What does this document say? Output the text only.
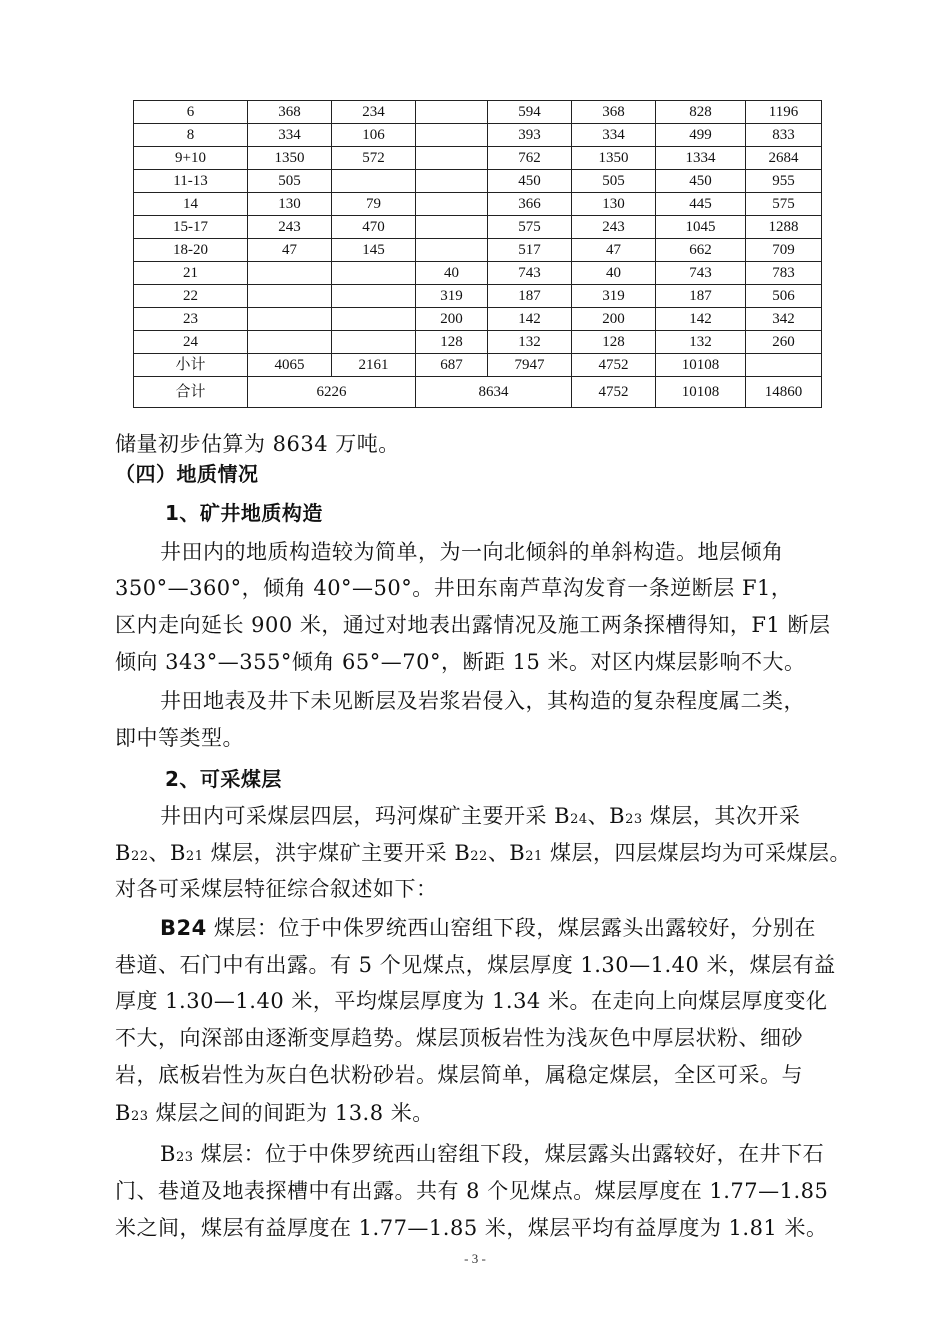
6	368	234		594	368	828	1196
8	334	106		393	334	499	833
9+10	1350	572		762	1350	1334	2684
11-13	505			450	505	450	955
14	130	79		366	130	445	575
15-17	243	470		575	243	1045	1288
18-20	47	145		517	47	662	709
21			40	743	40	743	783
22			319	187	319	187	506
23			200	142	200	142	342
24			128	132	128	132	260
小计	4065	2161	687	7947	4752	10108	
合计	6226		8634		4752	10108	14860
储量初步估算为 8634 万吨。
（四）地质情况
1、矿井地质构造
井田内的地质构造较为简单，为一向北倾斜的单斜构造。地层倾角
350°—360°，倾角 40°—50°。井田东南芦草沟发育一条逆断层 F1，
区内走向延长 900 米，通过对地表出露情况及施工两条探槽得知，F1 断层
倾向 343°—355°倾角 65°—70°，断距 15 米。对区内煤层影响不大。
井田地表及井下未见断层及岩浆岩侵入，其构造的复杂程度属二类，
即中等类型。
2、可采煤层
井田内可采煤层四层，玛河煤矿主要开采 B24、B23 煤层，其次开采
B22、B21 煤层，洪宇煤矿主要开采 B22、B21 煤层，四层煤层均为可采煤层。
对各可采煤层特征综合叙述如下：
B24 煤层：位于中侏罗统西山窑组下段，煤层露头出露较好，分别在
巷道、石门中有出露。有 5 个见煤点，煤层厚度 1.30—1.40 米，煤层有益
厚度 1.30—1.40 米，平均煤层厚度为 1.34 米。在走向上向煤层厚度变化
不大，向深部由逐渐变厚趋势。煤层顶板岩性为浅灰色中厚层状粉、细砂
岩，底板岩性为灰白色状粉砂岩。煤层简单，属稳定煤层，全区可采。与
B23 煤层之间的间距为 13.8 米。
B23 煤层：位于中侏罗统西山窑组下段，煤层露头出露较好，在井下石
门、巷道及地表探槽中有出露。共有 8 个见煤点。煤层厚度在 1.77—1.85
米之间，煤层有益厚度在 1.77—1.85 米，煤层平均有益厚度为 1.81 米。
- 3 -
